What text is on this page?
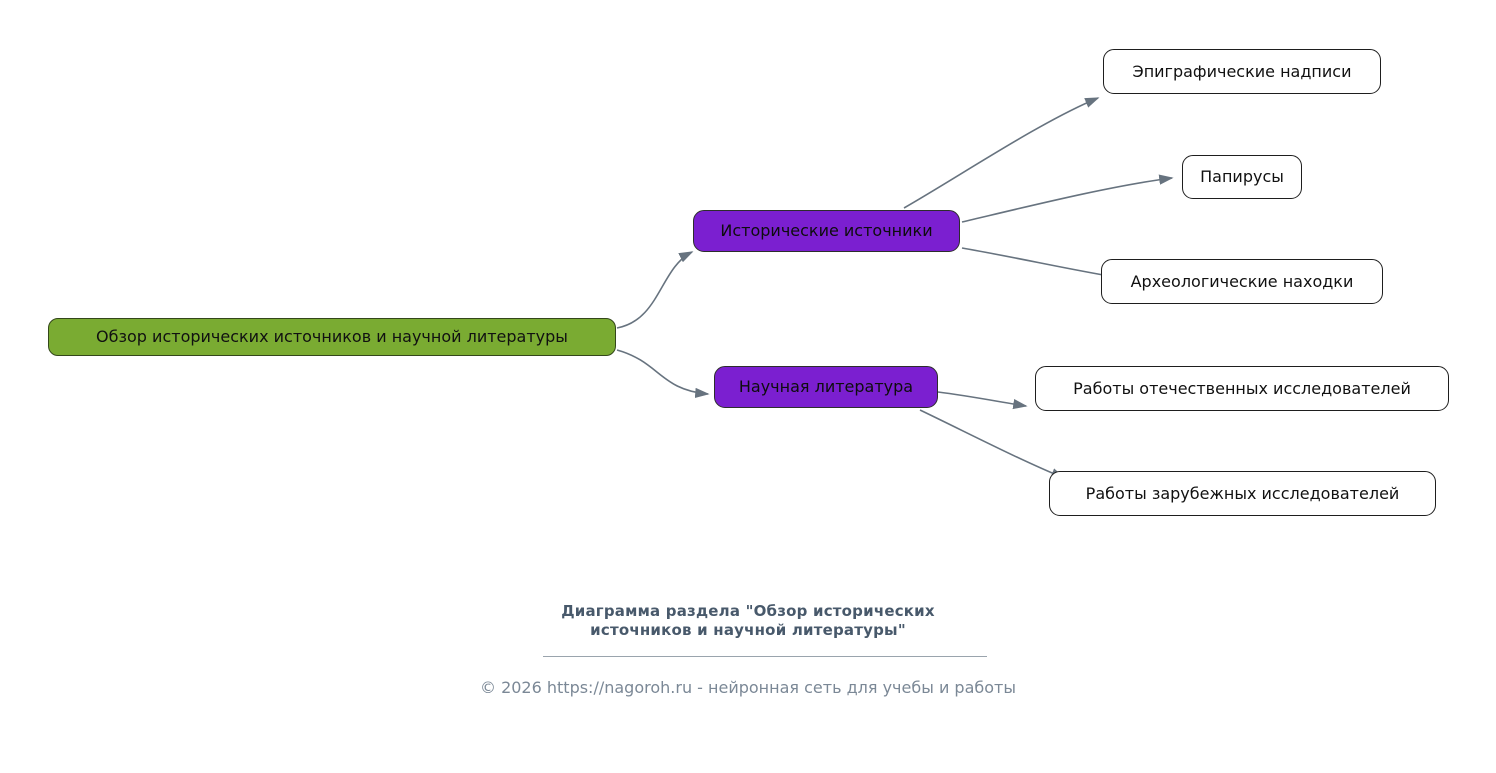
Обзор исторических источников и научной литературы
Исторические источники
Научная литература
Эпиграфические надписи
Папирусы
Археологические находки
Работы отечественных исследователей
Работы зарубежных исследователей
Диаграмма раздела "Обзор исторических
источников и научной литературы"
© 2026 https://nagoroh.ru - нейронная сеть для учебы и работы
